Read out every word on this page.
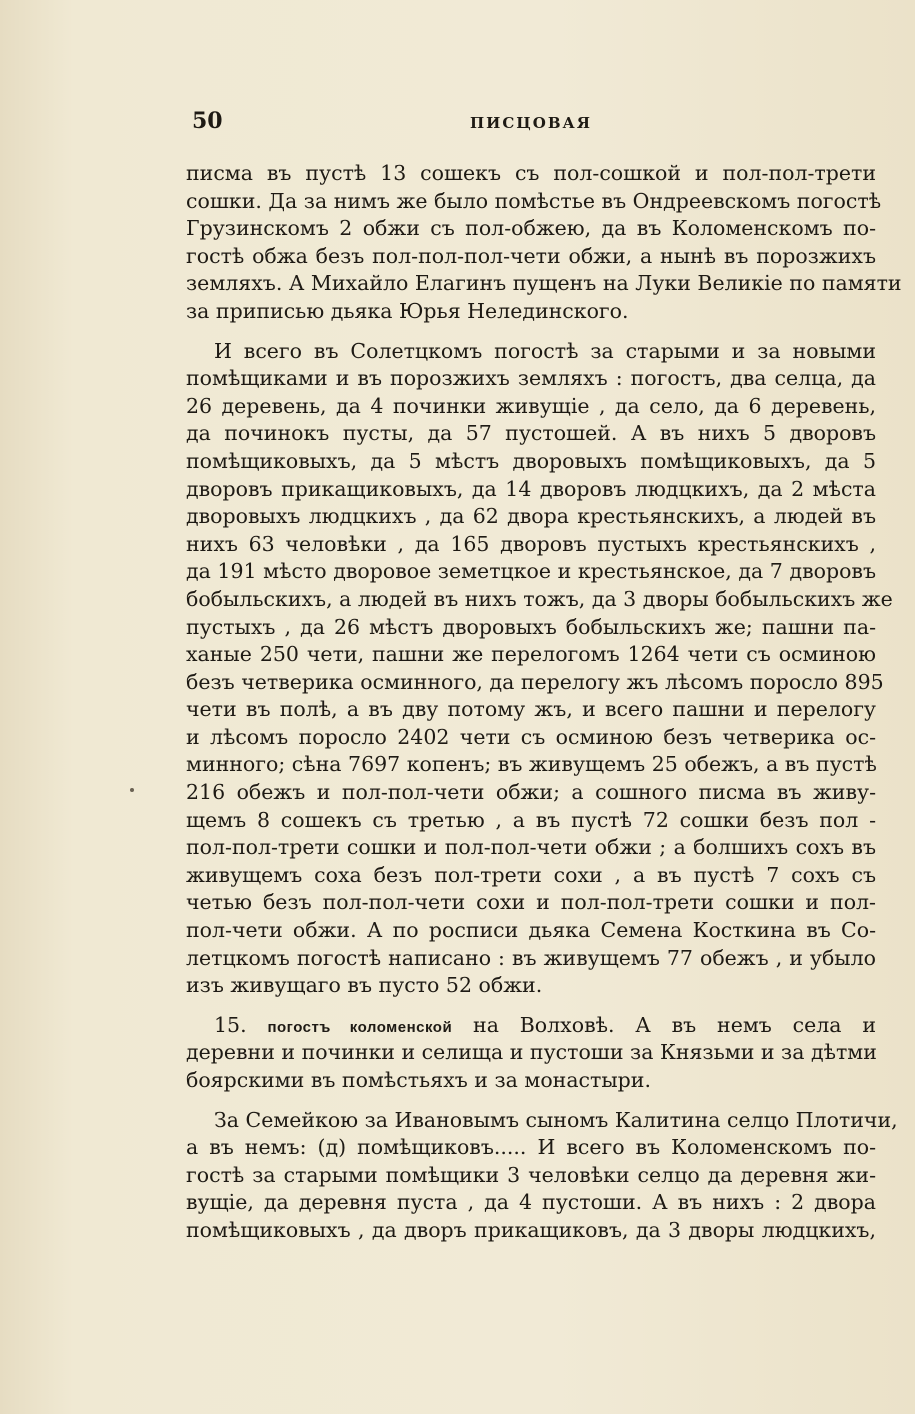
50	ПИСЦОВАЯ
писма въ пустѣ 13 сошекъ съ пол-сошкой и пол-пол-трети
сошки. Да за нимъ же было помѣстье въ Ондреевскомъ погостѣ
Грузинскомъ 2 обжи съ пол-обжею, да въ Коломенскомъ по-
гостѣ обжа безъ пол-пол-пол-чети обжи, а нынѣ въ порозжихъ
земляхъ. А Михайло Елагинъ пущенъ на Луки Великіе по памяти
за приписью дьяка Юрья Нелединского.
И всего въ Солетцкомъ погостѣ за старыми и за новыми
помѣщиками и въ порозжихъ земляхъ : погостъ, два селца, да
26 деревень, да 4 починки живущіе , да село, да 6 деревень,
да починокъ пусты, да 57 пустошей. А въ нихъ 5 дворовъ
помѣщиковыхъ, да 5 мѣстъ дворовыхъ помѣщиковыхъ, да 5
дворовъ прикащиковыхъ, да 14 дворовъ людцкихъ, да 2 мѣста
дворовыхъ людцкихъ , да 62 двора крестьянскихъ, а людей въ
нихъ 63 человѣки , да 165 дворовъ пустыхъ крестьянскихъ ,
да 191 мѣсто дворовое земетцкое и крестьянское, да 7 дворовъ
бобыльскихъ, а людей въ нихъ тожъ, да 3 дворы бобыльскихъ же
пустыхъ , да 26 мѣстъ дворовыхъ бобыльскихъ же; пашни па-
ханые 250 чети, пашни же перелогомъ 1264 чети съ осминою
безъ четверика осминного, да перелогу жъ лѣсомъ поросло 895
чети въ полѣ, а въ дву потому жъ, и всего пашни и перелогу
и лѣсомъ поросло 2402 чети съ осминою безъ четверика ос-
минного; сѣна 7697 копенъ; въ живущемъ 25 обежъ, а въ пустѣ
216 обежъ и пол-пол-чети обжи; а сошного писма въ живу-
щемъ 8 сошекъ съ третью , а въ пустѣ 72 сошки безъ пол -
пол-пол-трети сошки и пол-пол-чети обжи ; а болшихъ сохъ въ
живущемъ соха безъ пол-трети сохи , а въ пустѣ 7 сохъ съ
четью безъ пол-пол-чети сохи и пол-пол-трети сошки и пол-
пол-чети обжи. А по росписи дьяка Семена Косткина въ Со-
летцкомъ погостѣ написано : въ живущемъ 77 обежъ , и убыло
изъ живущаго въ пусто 52 обжи.
15. погостъ коломенской на Волховѣ. А въ немъ села и
деревни и починки и селища и пустоши за Князьми и за дѣтми
боярскими въ помѣстьяхъ и за монастыри.
За Семейкою за Ивановымъ сыномъ Калитина селцо Плотичи,
а въ немъ: (д) помѣщиковъ..... И всего въ Коломенскомъ по-
гостѣ за старыми помѣщики 3 человѣки селцо да деревня жи-
вущіе, да деревня пуста , да 4 пустоши. А въ нихъ : 2 двора
помѣщиковыхъ , да дворъ прикащиковъ, да 3 дворы людцкихъ,
